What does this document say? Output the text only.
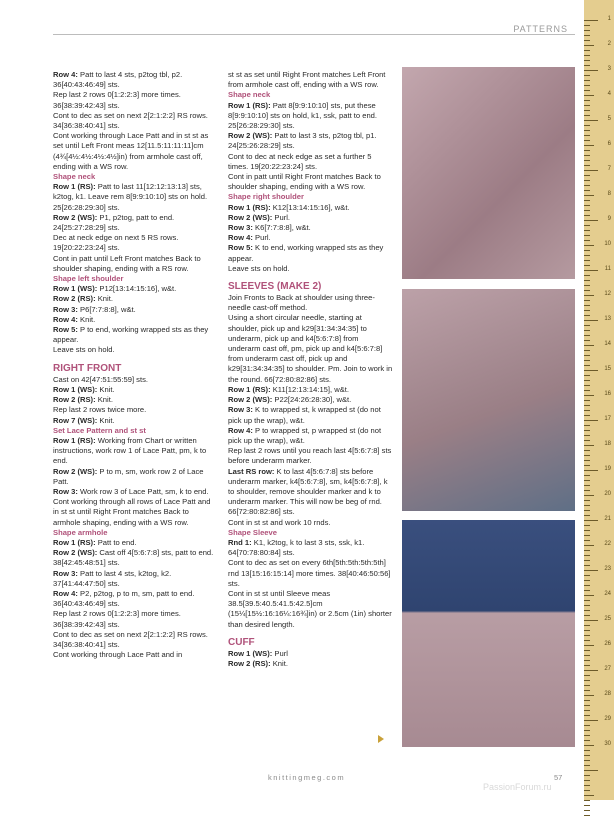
PATTERNS

Row 4: Patt to last 4 sts, p2tog tbl, p2. 36[40:43:46:49] sts.

Rep last 2 rows 0[1:2:2:3] more times. 36[38:39:42:43] sts.

Cont to dec as set on next 2[2:1:2:2] RS rows. 34[36:38:40:41] sts.

Cont working through Lace Patt and in st st as set until Left Front meas 12[11.5:11:11:11]cm (4¾[4½:4½:4½:4½]in) from armhole cast off, ending with a WS row.

Shape neck

Row 1 (RS): Patt to last 11[12:12:13:13] sts, k2tog, k1. Leave rem 8[9:9:10:10] sts on hold. 25[26:28:29:30] sts.

Row 2 (WS): P1, p2tog, patt to end. 24[25:27:28:29] sts.

Dec at neck edge on next 5 RS rows. 19[20:22:23:24] sts.

Cont in patt until Left Front matches Back to shoulder shaping, ending with a RS row.

Shape left shoulder

Row 1 (WS): P12[13:14:15:16], w&t.

Row 2 (RS): Knit.

Row 3: P6[7:7:8:8], w&t.

Row 4: Knit.

Row 5: P to end, working wrapped sts as they appear.

Leave sts on hold.

RIGHT FRONT

Cast on 42[47:51:55:59] sts.

Row 1 (WS): Knit.

Row 2 (RS): Knit.

Rep last 2 rows twice more.

Row 7 (WS): Knit.

Set Lace Pattern and st st

Row 1 (RS): Working from Chart or written instructions, work row 1 of Lace Patt, pm, k to end.

Row 2 (WS): P to m, sm, work row 2 of Lace Patt.

Row 3: Work row 3 of Lace Patt, sm, k to end.

Cont working through all rows of Lace Patt and in st st until Right Front matches Back to armhole shaping, ending with a WS row.

Shape armhole

Row 1 (RS): Patt to end.

Row 2 (WS): Cast off 4[5:6:7:8] sts, patt to end. 38[42:45:48:51] sts.

Row 3: Patt to last 4 sts, k2tog, k2. 37[41:44:47:50] sts.

Row 4: P2, p2tog, p to m, sm, patt to end. 36[40:43:46:49] sts.

Rep last 2 rows 0[1:2:2:3] more times. 36[38:39:42:43] sts.

Cont to dec as set on next 2[2:1:2:2] RS rows. 34[36:38:40:41] sts.

Cont working through Lace Patt and in

st st as set until Right Front matches Left Front from armhole cast off, ending with a WS row.

Shape neck

Row 1 (RS): Patt 8[9:9:10:10] sts, put these 8[9:9:10:10] sts on hold, k1, ssk, patt to end. 25[26:28:29:30] sts.

Row 2 (WS): Patt to last 3 sts, p2tog tbl, p1. 24[25:26:28:29] sts.

Cont to dec at neck edge as set a further 5 times. 19[20:22:23:24] sts.

Cont in patt until Right Front matches Back to shoulder shaping, ending with a WS row.

Shape right shoulder

Row 1 (RS): K12[13:14:15:16], w&t.

Row 2 (WS): Purl.

Row 3: K6[7:7:8:8], w&t.

Row 4: Purl.

Row 5: K to end, working wrapped sts as they appear.

Leave sts on hold.

SLEEVES (MAKE 2)

Join Fronts to Back at shoulder using three-needle cast-off method.

Using a short circular needle, starting at shoulder, pick up and k29[31:34:34:35] to underarm, pick up and k4[5:6:7:8] from underarm cast off, pm, pick up and k4[5:6:7:8] from underarm cast off, pick up and k29[31:34:34:35] to shoulder. Pm. Join to work in the round. 66[72:80:82:86] sts.

Row 1 (RS): K11[12:13:14:15], w&t.

Row 2 (WS): P22[24:26:28:30], w&t.

Row 3: K to wrapped st, k wrapped st (do not pick up the wrap), w&t.

Row 4: P to wrapped st, p wrapped st (do not pick up the wrap), w&t.

Rep last 2 rows until you reach last 4[5:6:7:8] sts before underarm marker.

Last RS row: K to last 4[5:6:7:8] sts before underarm marker, k4[5:6:7:8], sm, k4[5:6:7:8], k to shoulder, remove shoulder marker and k to underarm marker. This will now be beg of rnd. 66[72:80:82:86] sts.

Cont in st st and work 10 rnds.

Shape Sleeve

Rnd 1: K1, k2tog, k to last 3 sts, ssk, k1. 64[70:78:80:84] sts.

Cont to dec as set on every 6th[5th:5th:5th:5th] rnd 13[15:16:15:14] more times. 38[40:46:50:56] sts.

Cont in st st until Sleeve meas 38.5[39.5:40.5:41.5:42.5]cm (15¼[15½:16:16¼:16¾]in) or 2.5cm (1in) shorter than desired length.

CUFF

Row 1 (WS): Purl

Row 2 (RS): Knit.

1
2
3
4
5
6
7
8
9
10
11
12
13
14
15
16
17
18
19
20
21
22
23
24
25
26
27
28
29
30
knittingmeg.com	57
PassionForum.ru
